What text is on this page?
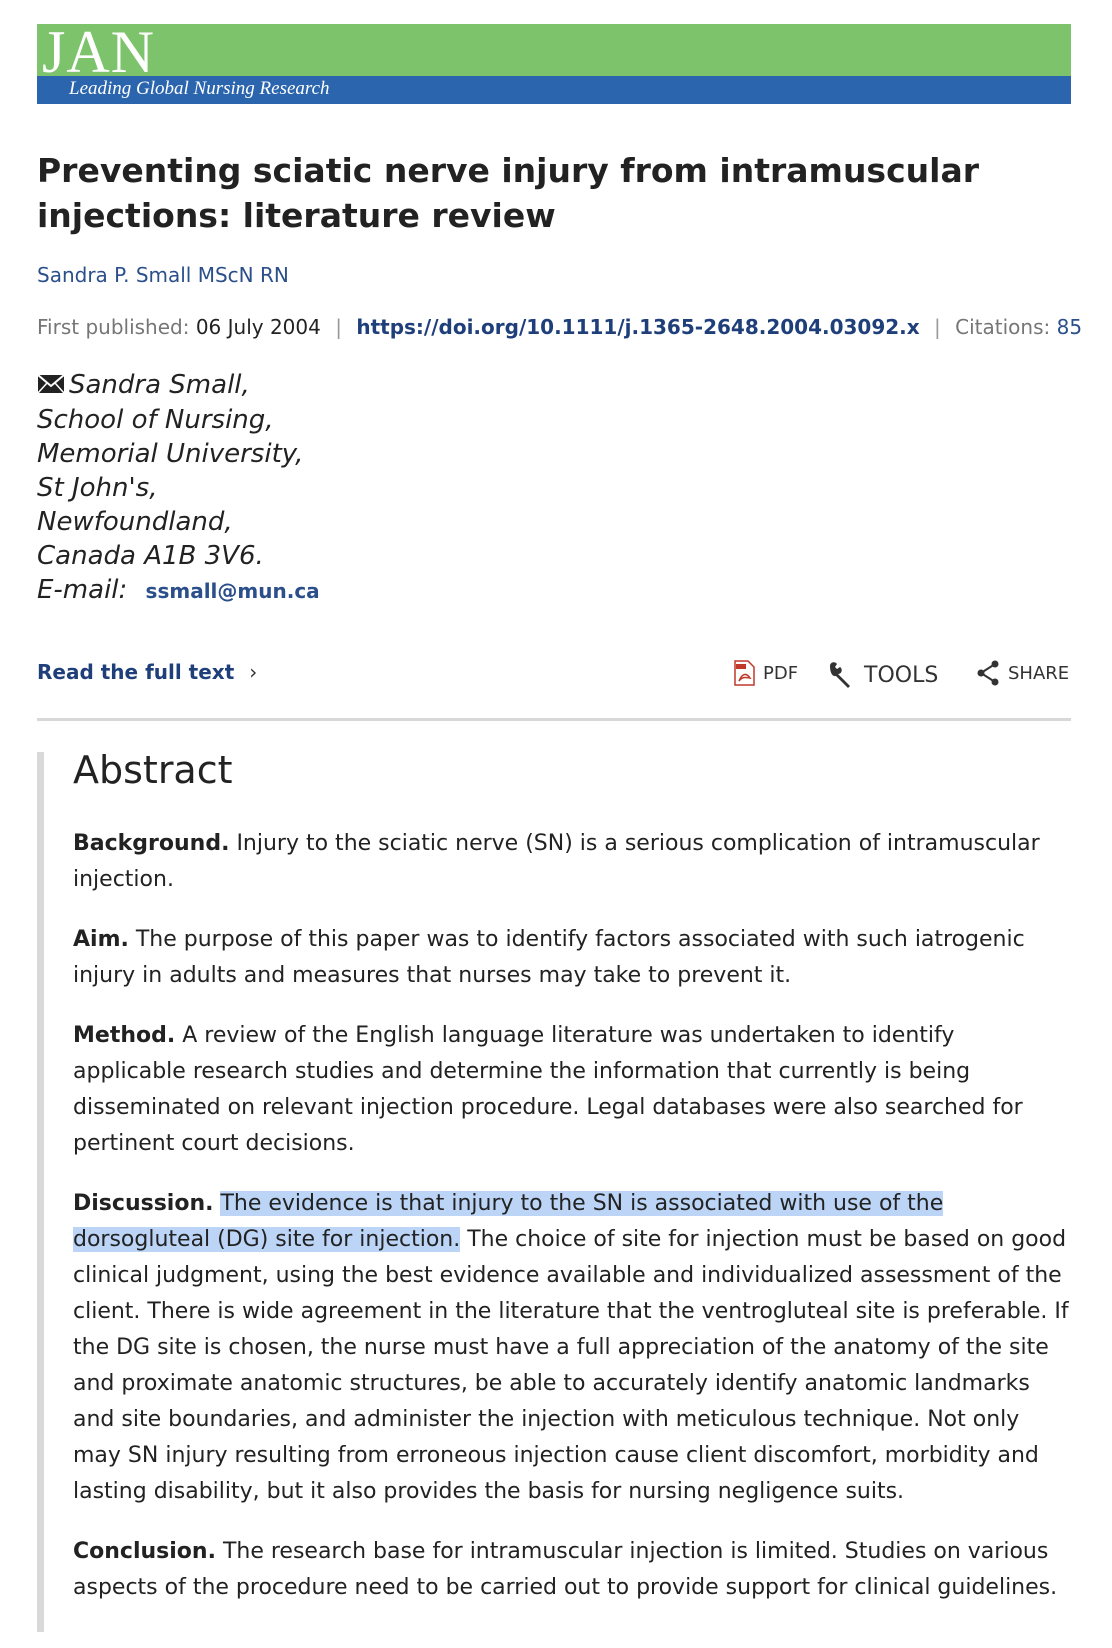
JAN
Leading Global Nursing Research
Preventing sciatic nerve injury from intramuscular injections: literature review
Sandra P. Small MScN RN
First published: 06 July 2004 | https://doi.org/10.1111/j.1365-2648.2004.03092.x | Citations: 85
Sandra Small,
School of Nursing,
Memorial University,
St John's,
Newfoundland,
Canada A1B 3V6.
E-mail: ssmall@mun.ca
Read the full text ›	PDF	TOOLS	SHARE
Abstract

Background. Injury to the sciatic nerve (SN) is a serious complication of intramuscular injection.

Aim. The purpose of this paper was to identify factors associated with such iatrogenic injury in adults and measures that nurses may take to prevent it.

Method. A review of the English language literature was undertaken to identify applicable research studies and determine the information that currently is being disseminated on relevant injection procedure. Legal databases were also searched for pertinent court decisions.

Discussion. The evidence is that injury to the SN is associated with use of the dorsogluteal (DG) site for injection. The choice of site for injection must be based on good clinical judgment, using the best evidence available and individualized assessment of the client. There is wide agreement in the literature that the ventrogluteal site is preferable. If the DG site is chosen, the nurse must have a full appreciation of the anatomy of the site and proximate anatomic structures, be able to accurately identify anatomic landmarks and site boundaries, and administer the injection with meticulous technique. Not only may SN injury resulting from erroneous injection cause client discomfort, morbidity and lasting disability, but it also provides the basis for nursing negligence suits.

Conclusion. The research base for intramuscular injection is limited. Studies on various aspects of the procedure need to be carried out to provide support for clinical guidelines.
